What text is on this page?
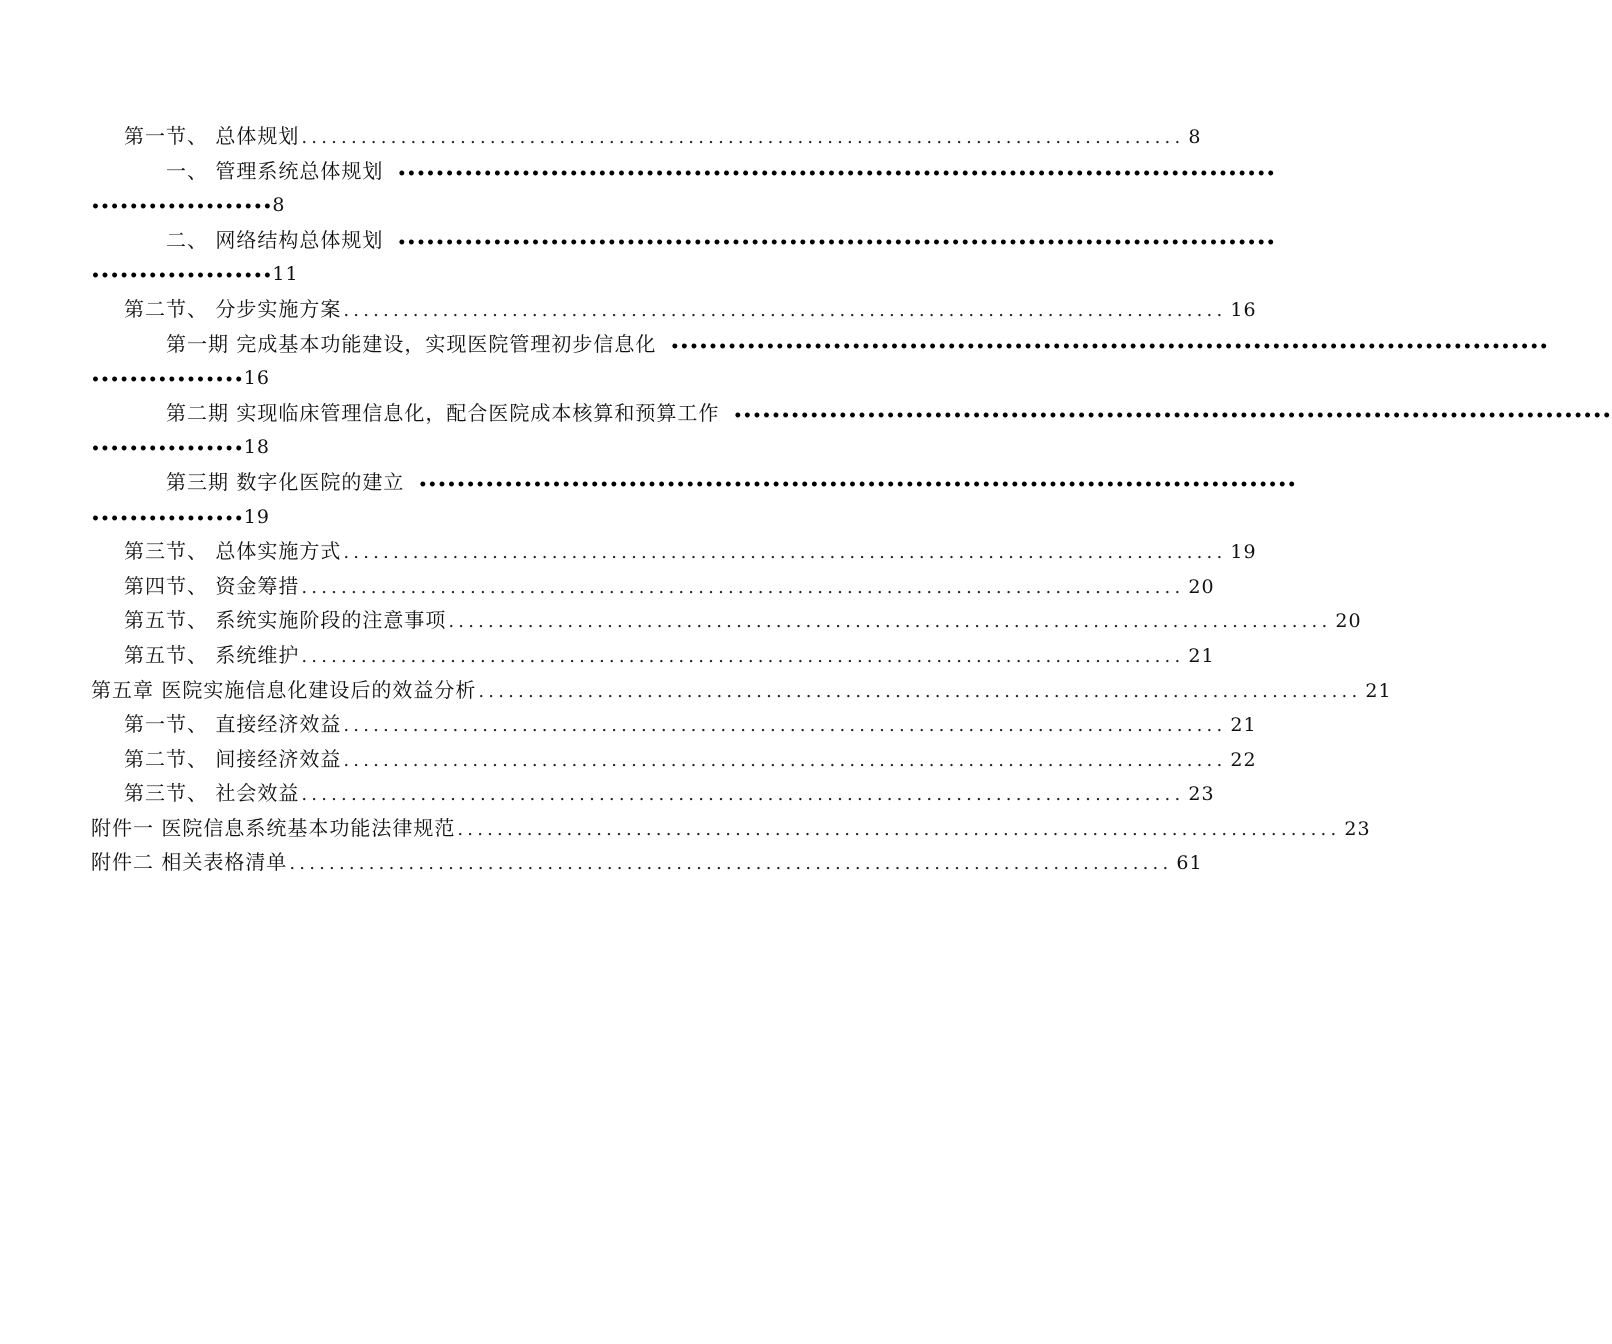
第一节、 总体规划 ......................................................................................... 8
一、 管理系统总体规划 ••••••••••••••••••••••••••••••••••••••••••••••••••••••••••••••••••••••••••••••••••••••••••••
••••••••••••••••••• 8
二、 网络结构总体规划 ••••••••••••••••••••••••••••••••••••••••••••••••••••••••••••••••••••••••••••••••••••••••••••
••••••••••••••••••• 11
第二节、 分步实施方案 ......................................................................................... 16
第一期 完成基本功能建设，实现医院管理初步信息化 ••••••••••••••••••••••••••••••••••••••••••••••••••••••••••••••••••••••••••••••••••••••••••••
•••••••••••••••• 16
第二期 实现临床管理信息化，配合医院成本核算和预算工作 ••••••••••••••••••••••••••••••••••••••••••••••••••••••••••••••••••••••••••••••••••••••••••••
•••••••••••••••• 18
第三期 数字化医院的建立 ••••••••••••••••••••••••••••••••••••••••••••••••••••••••••••••••••••••••••••••••••••••••••••
•••••••••••••••• 19
第三节、 总体实施方式 ......................................................................................... 19
第四节、 资金筹措 ......................................................................................... 20
第五节、 系统实施阶段的注意事项 ......................................................................................... 20
第五节、 系统维护 ......................................................................................... 21
第五章 医院实施信息化建设后的效益分析 ......................................................................................... 21
第一节、 直接经济效益 ......................................................................................... 21
第二节、 间接经济效益 ......................................................................................... 22
第三节、 社会效益 ......................................................................................... 23
附件一 医院信息系统基本功能法律规范 ......................................................................................... 23
附件二 相关表格清单 ......................................................................................... 61
